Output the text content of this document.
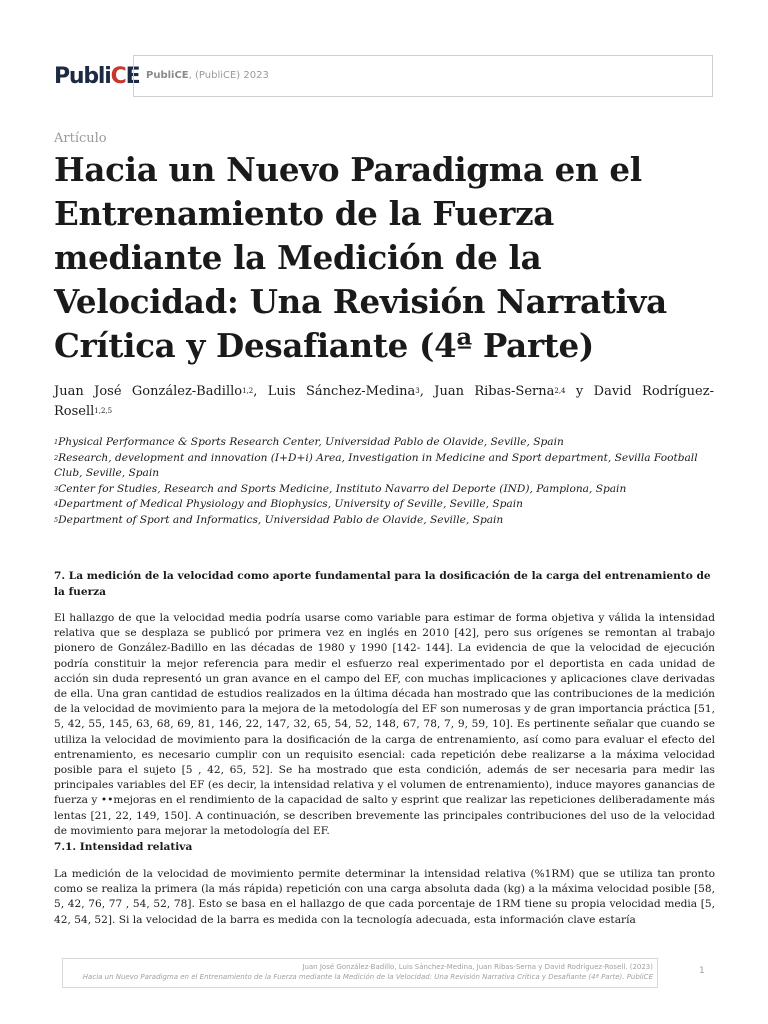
PubliCE PubliCE, (PubliCE) 2023
Artículo
Hacia un Nuevo Paradigma en el
Entrenamiento de la Fuerza
mediante la Medición de la
Velocidad: Una Revisión Narrativa
Crítica y Desafiante (4ª Parte)
Juan José González-Badillo$^{1,2}$, Luis Sánchez-Medina$^3$, Juan Ribas-Serna$^{2,4}$ y David Rodríguez-
Rosell$^{1,2,5}$
$^1$Physical Performance & Sports Research Center, Universidad Pablo de Olavide, Seville, Spain
$^2$Research, development and innovation (I+D+i) Area, Investigation in Medicine and Sport department, Sevilla Football Club, Seville, Spain
$^3$Center for Studies, Research and Sports Medicine, Instituto Navarro del Deporte (IND), Pamplona, Spain
$^4$Department of Medical Physiology and Biophysics, University of Seville, Seville, Spain
$^5$Department of Sport and Informatics, Universidad Pablo de Olavide, Seville, Spain
7. La medición de la velocidad como aporte fundamental para la dosificación de la carga del entrenamiento de la fuerza

El hallazgo de que la velocidad media podría usarse como variable para estimar de forma objetiva y válida la intensidad relativa que se desplaza se publicó por primera vez en inglés en 2010 [42], pero sus orígenes se remontan al trabajo pionero de González-Badillo en las décadas de 1980 y 1990 [142- 144]. La evidencia de que la velocidad de ejecución podría constituir la mejor referencia para medir el esfuerzo real experimentado por el deportista en cada unidad de acción sin duda representó un gran avance en el campo del EF, con muchas implicaciones y aplicaciones clave derivadas de ella. Una gran cantidad de estudios realizados en la última década han mostrado que las contribuciones de la medición de la velocidad de movimiento para la mejora de la metodología del EF son numerosas y de gran importancia práctica [51, 5, 42, 55, 145, 63, 68, 69, 81, 146, 22, 147, 32, 65, 54, 52, 148, 67, 78, 7, 9, 59, 10]. Es pertinente señalar que cuando se utiliza la velocidad de movimiento para la dosificación de la carga de entrenamiento, así como para evaluar el efecto del entrenamiento, es necesario cumplir con un requisito esencial: cada repetición debe realizarse a la máxima velocidad posible para el sujeto [5 , 42, 65, 52]. Se ha mostrado que esta condición, además de ser necesaria para medir las principales variables del EF (es decir, la intensidad relativa y el volumen de entrenamiento), induce mayores ganancias de fuerza y ••mejoras en el rendimiento de la capacidad de salto y esprint que realizar las repeticiones deliberadamente más lentas [21, 22, 149, 150]. A continuación, se describen brevemente las principales contribuciones del uso de la velocidad de movimiento para mejorar la metodología del EF.

7.1. Intensidad relativa

La medición de la velocidad de movimiento permite determinar la intensidad relativa (%1RM) que se utiliza tan pronto como se realiza la primera (la más rápida) repetición con una carga absoluta dada (kg) a la máxima velocidad posible [58, 5, 42, 76, 77 , 54, 52, 78]. Esto se basa en el hallazgo de que cada porcentaje de 1RM tiene su propia velocidad media [5, 42, 54, 52]. Si la velocidad de la barra es medida con la tecnología adecuada, esta información clave estaría

Juan José González-Badillo, Luis Sánchez-Medina, Juan Ribas-Serna y David Rodríguez-Rosell. (2023)
Hacia un Nuevo Paradigma en el Entrenamiento de la Fuerza mediante la Medición de la Velocidad: Una Revisión Narrativa Crítica y Desafiante (4ª Parte). PubliCE
1
